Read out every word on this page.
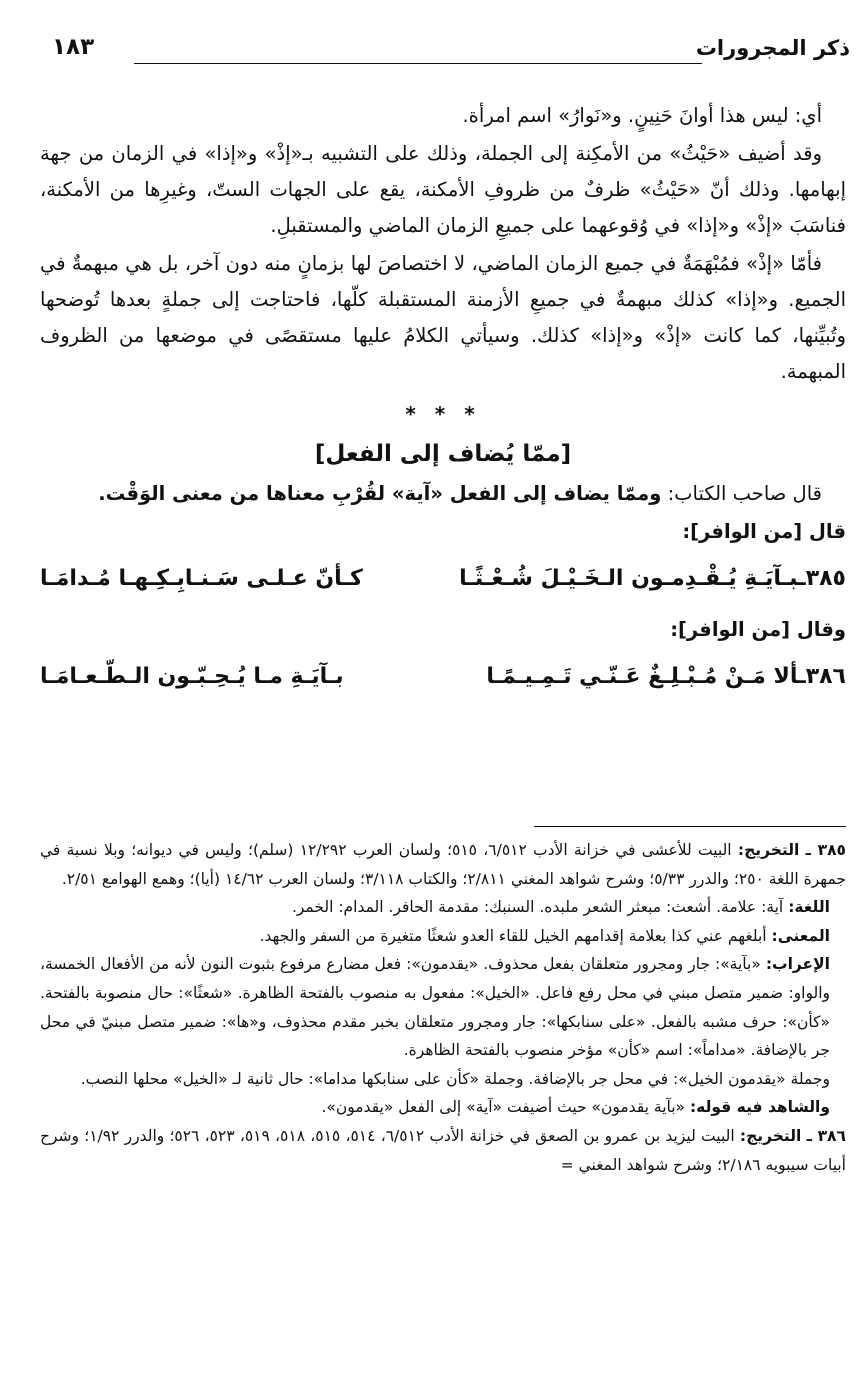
ذكر المجرورات
١٨٣

أي: ليس هذا أوانَ حَنِينٍ. و«نَوارُ» اسم امرأة.

وقد أضيف «حَيْثُ» من الأمكِنة إلى الجملة، وذلك على التشبيه بـ«إذْ» و«إذا» في الزمان من جهة إبهامها. وذلك أنّ «حَيْثُ» ظرفٌ من ظروفِ الأمكنة، يقع على الجهات الستّ، وغيرِها من الأمكنة، فناسَبَ «إذْ» و«إذا» في وُقوعهما على جميعِ الزمان الماضي والمستقبلِ.

فأمّا «إذْ» فمُبْهَمَةٌ في جميع الزمان الماضي، لا اختصاصَ لها بزمانٍ منه دون آخر، بل هي مبهمةٌ في الجميع. و«إذا» كذلك مبهمةٌ في جميعِ الأزمنة المستقبلة كلّها، فاحتاجت إلى جملةٍ بعدها تُوضحها وتُبيِّنها، كما كانت «إذْ» و«إذا» كذلك. وسيأتي الكلامُ عليها مستقصًى في موضعها من الظروف المبهمة.

* * *
[ممّا يُضاف إلى الفعل]

قال صاحب الكتاب: وممّا يضاف إلى الفعل «آية» لقُرْبِ معناها من معنى الوَقْت.

قال [من الوافر]:
٣٨٥ـبـآيَـةِ يُـقْـدِمـون الـخَـيْـلَ شُـعْـثًـا
كـأنّ عـلـى سَـنـابِـكِـهـا مُـدامَـا
وقال [من الوافر]:
٣٨٦ـألا مَـنْ مُـبْـلِـغٌ عَـنّـي تَـمِـيـمًـا
بـآيَـةِ مـا يُـحِـبّـون الـطّـعـامَـا

٣٨٥ ـ التخريج: البيت للأعشى في خزانة الأدب ٦/٥١٢، ٥١٥؛ ولسان العرب ١٢/٢٩٢ (سلم)؛ وليس في ديوانه؛ وبلا نسبة في جمهرة اللغة ٢٥٠؛ والدرر ٥/٣٣؛ وشرح شواهد المغني ٢/٨١١؛ والكتاب ٣/١١٨؛ ولسان العرب ١٤/٦٢ (أيا)؛ وهمع الهوامع ٢/٥١.

اللغة: آية: علامة. أشعث: مبعثر الشعر ملبده. السنبك: مقدمة الحافر. المدام: الخمر.

المعنى: أبلغهم عني كذا بعلامة إقدامهم الخيل للقاء العدو شعثًا متغيرة من السفر والجهد.

الإعراب: «بآية»: جار ومجرور متعلقان بفعل محذوف. «يقدمون»: فعل مضارع مرفوع بثبوت النون لأنه من الأفعال الخمسة، والواو: ضمير متصل مبني في محل رفع فاعل. «الخيل»: مفعول به منصوب بالفتحة الظاهرة. «شعثًا»: حال منصوبة بالفتحة. «كأن»: حرف مشبه بالفعل. «على سنابكها»: جار ومجرور متعلقان بخبر مقدم محذوف، و«ها»: ضمير متصل مبنيّ في محل جر بالإضافة. «مداماً»: اسم «كأن» مؤخر منصوب بالفتحة الظاهرة.

وجملة «يقدمون الخيل»: في محل جر بالإضافة. وجملة «كأن على سنابكها مداما»: حال ثانية لـ «الخيل» محلها النصب.

والشاهد فيه قوله: «بآية يقدمون» حيث أضيفت «آية» إلى الفعل «يقدمون».

٣٨٦ ـ التخريج: البيت ليزيد بن عمرو بن الصعق في خزانة الأدب ٦/٥١٢، ٥١٤، ٥١٥، ٥١٨، ٥١٩، ٥٢٣، ٥٢٦؛ والدرر ١/٩٢؛ وشرح أبيات سيبويه ٢/١٨٦؛ وشرح شواهد المغني =
